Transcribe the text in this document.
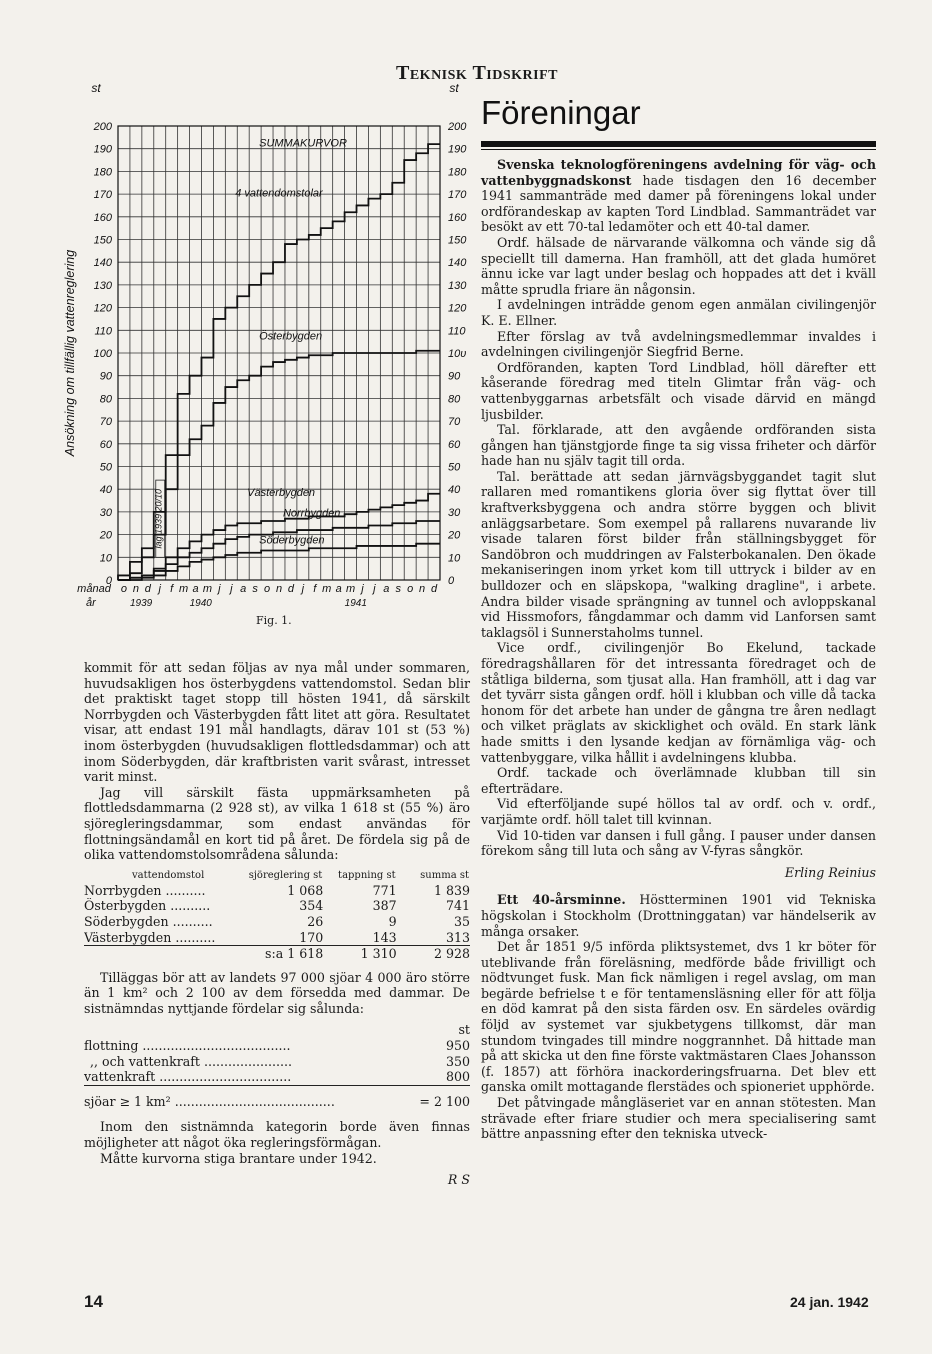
Teknisk Tidskrift
0	0
10	10
20	20
30	30
40	40
50	50
60	60
70	70
80	80
90	90
100	10ᴜ
110	110
120	120
130	130
140	140
150	150
160	160
170	170
180	180
190	190
200	200
st	st
Ansökning om tillfällig vattenreglering
o n d j f m a m j j a s o n d j f m a m j j a s o n d
månad
år	1939	1940	1941
lag 1939 20/10
SUMMAKURVOR
4 vattendomstolar
Österbygden
Västerbygden
Norrbygden
Söderbygden
Fig. 1.

kommit för att sedan följas av nya mål under sommaren, huvudsakligen hos österbygdens vattendomstol. Sedan blir det praktiskt taget stopp till hösten 1941, då särskilt Norrbygden och Västerbygden fått litet att göra. Resultatet visar, att endast 191 mål handlagts, därav 101 st (53 %) inom österbygden (huvudsakligen flottledsdammar) och att inom Söderbygden, där kraftbristen varit svårast, intresset varit minst.

Jag vill särskilt fästa uppmärksamheten på flottledsdammarna (2 928 st), av vilka 1 618 st (55 %) äro sjöregleringsdammar, som endast användas för flottningsändamål en kort tid på året. De fördela sig på de olika vattendomstolsområdena sålunda:

vattendomstol	sjöreglering st	tappning st	summa st
Norrbygden ..........	1 068	771	1 839
Österbygden ..........	354	387	741
Söderbygden ..........	26	9	35
Västerbygden ..........	170	143	313
	s:a 1 618	1 310	2 928

Tilläggas bör att av landets 97 000 sjöar 4 000 äro större än 1 km² och 2 100 av dem försedda med dammar. De sistnämndas nyttjande fördelar sig sålunda:

st
flottning .....................................	950
,, och vattenkraft ......................	350
vattenkraft .................................	800
sjöar ≥ 1 km² ........................................	= 2 100

Inom den sistnämnda kategorin borde även finnas möjligheter att något öka regleringsförmågan.

Måtte kurvorna stiga brantare under 1942.

R S

Föreningar

Svenska teknologföreningens avdelning för väg- och vattenbyggnadskonst hade tisdagen den 16 december 1941 sammanträde med damer på föreningens lokal under ordförandeskap av kapten Tord Lindblad. Sammanträdet var besökt av ett 70-tal ledamöter och ett 40-tal damer.

Ordf. hälsade de närvarande välkomna och vände sig då speciellt till damerna. Han framhöll, att det glada humöret ännu icke var lagt under beslag och hoppades att det i kväll måtte sprudla friare än någonsin.

I avdelningen inträdde genom egen anmälan civilingenjör K. E. Ellner.

Efter förslag av två avdelningsmedlemmar invaldes i avdelningen civilingenjör Siegfrid Berne.

Ordföranden, kapten Tord Lindblad, höll därefter ett kåserande föredrag med titeln Glimtar från väg- och vattenbyggarnas arbetsfält och visade därvid en mängd ljusbilder.

Tal. förklarade, att den avgående ordföranden sista gången han tjänstgjorde finge ta sig vissa friheter och därför hade han nu själv tagit till orda.

Tal. berättade att sedan järnvägsbyggandet tagit slut rallaren med romantikens gloria över sig flyttat över till kraftverksbyggena och andra större byggen och blivit anläggsarbetare. Som exempel på rallarens nuvarande liv visade talaren först bilder från ställningsbygget för Sandöbron och muddringen av Falsterbokanalen. Den ökade mekaniseringen inom yrket kom till uttryck i bilder av en bulldozer och en släpskopa, "walking dragline", i arbete. Andra bilder visade sprängning av tunnel och avloppskanal vid Hissmofors, fångdammar och damm vid Lanforsen samt taklagsöl i Sunnerstaholms tunnel.

Vice ordf., civilingenjör Bo Ekelund, tackade föredragshållaren för det intressanta föredraget och de ståtliga bilderna, som tjusat alla. Han framhöll, att i dag var det tyvärr sista gången ordf. höll i klubban och ville då tacka honom för det arbete han under de gångna tre åren nedlagt och vilket präglats av skicklighet och oväld. En stark länk hade smitts i den lysande kedjan av förnämliga väg- och vattenbyggare, vilka hållit i avdelningens klubba.

Ordf. tackade och överlämnade klubban till sin efterträdare.

Vid efterföljande supé höllos tal av ordf. och v. ordf., varjämte ordf. höll talet till kvinnan.

Vid 10-tiden var dansen i full gång. I pauser under dansen förekom sång till luta och sång av V-fyras sångkör.

Erling Reinius

Ett 40-årsminne. Höstterminen 1901 vid Tekniska högskolan i Stockholm (Drottninggatan) var händelserik av många orsaker.

Det år 1851 9/5 införda pliktsystemet, dvs 1 kr böter för uteblivande från föreläsning, medförde både frivilligt och nödtvunget fusk. Man fick nämligen i regel avslag, om man begärde befrielse t e för tentamensläsning eller för att följa en död kamrat på den sista färden osv. En särdeles ovärdig följd av systemet var sjukbetygens tillkomst, där man stundom tvingades till mindre noggrannhet. Då hittade man på att skicka ut den fine förste vaktmästaren Claes Johansson (f. 1857) att förhöra inackorderingsfruarna. Det blev ett ganska omilt mottagande flerstädes och spioneriet upphörde.

Det påtvingade mångläseriet var en annan stötesten. Man strävade efter friare studier och mera specialisering samt bättre anpassning efter den tekniska utveck-

14	24 jan. 1942
